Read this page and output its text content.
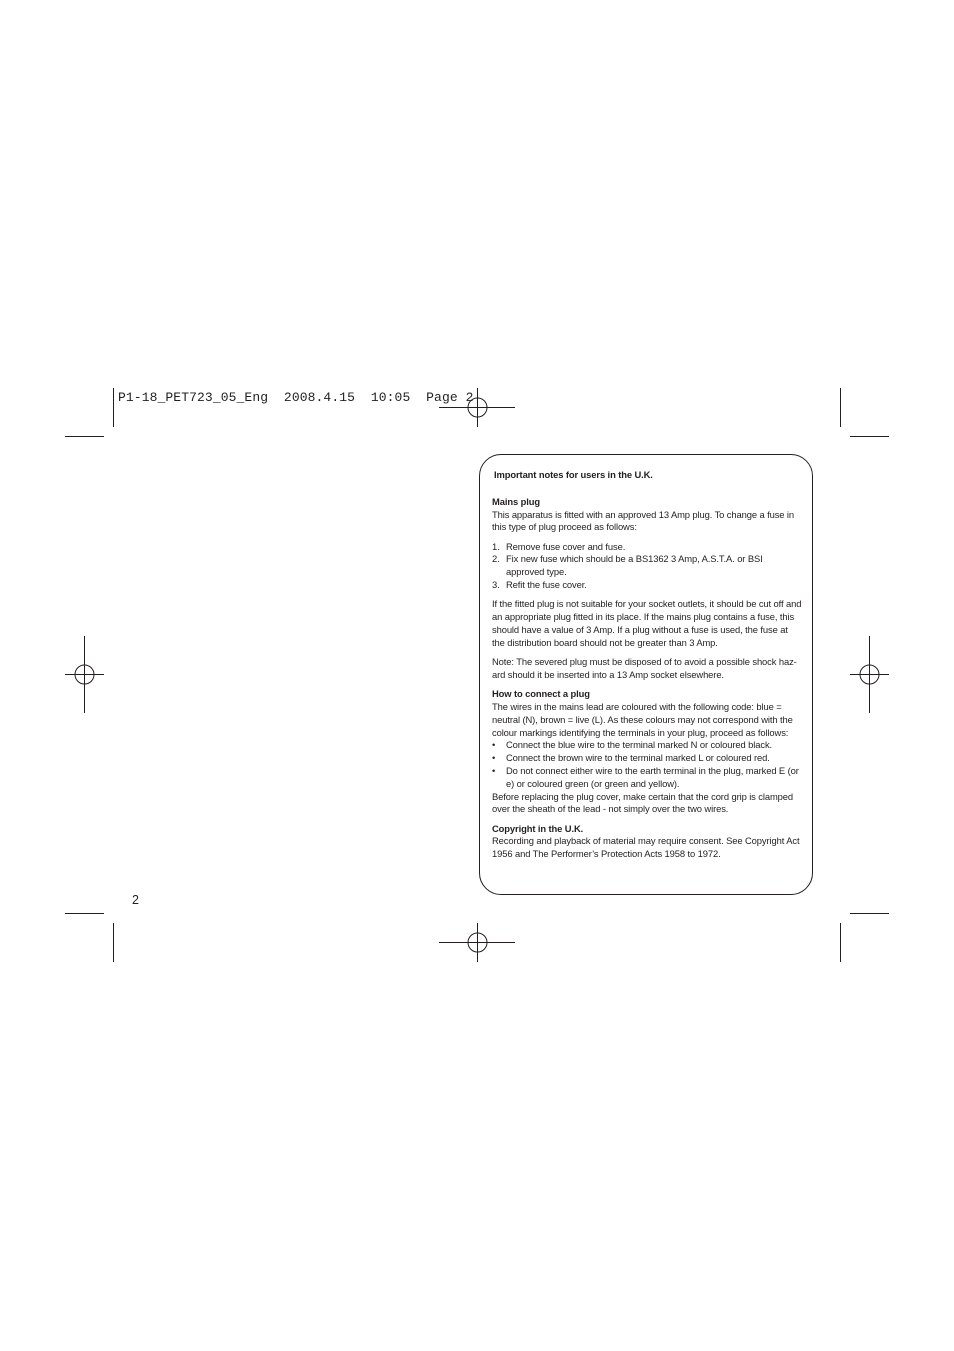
P1-18_PET723_05_Eng  2008.4.15  10:05  Page 2
2
Important notes for users in the U.K.
Mains plug

This apparatus is fitted with an approved 13 Amp plug. To change a fuse in this type of plug proceed as follows:

1. Remove fuse cover and fuse.
2. Fix new fuse which should be a BS1362 3 Amp, A.S.T.A. or BSI approved type.
3. Refit the fuse cover.

If the fitted plug is not suitable for your socket outlets, it should be cut off and an appropriate plug fitted in its place. If the mains plug contains a fuse, this should have a value of 3 Amp. If a plug without a fuse is used, the fuse at the distribution board should not be greater than 3 Amp.

Note: The severed plug must be disposed of to avoid a possible shock haz-ard should it be inserted into a 13 Amp socket elsewhere.

How to connect a plug

The wires in the mains lead are coloured with the following code: blue = neutral (N), brown = live (L). As these colours may not correspond with the colour markings identifying the terminals in your plug, proceed as follows:

• Connect the blue wire to the terminal marked N or coloured black.
• Connect the brown wire to the terminal marked L or coloured red.
• Do not connect either wire to the earth terminal in the plug, marked E (or e) or coloured green (or green and yellow).

Before replacing the plug cover, make certain that the cord grip is clamped over the sheath of the lead - not simply over the two wires.

Copyright in the U.K.

Recording and playback of material may require consent. See Copyright Act 1956 and The Performer’s Protection Acts 1958 to 1972.
